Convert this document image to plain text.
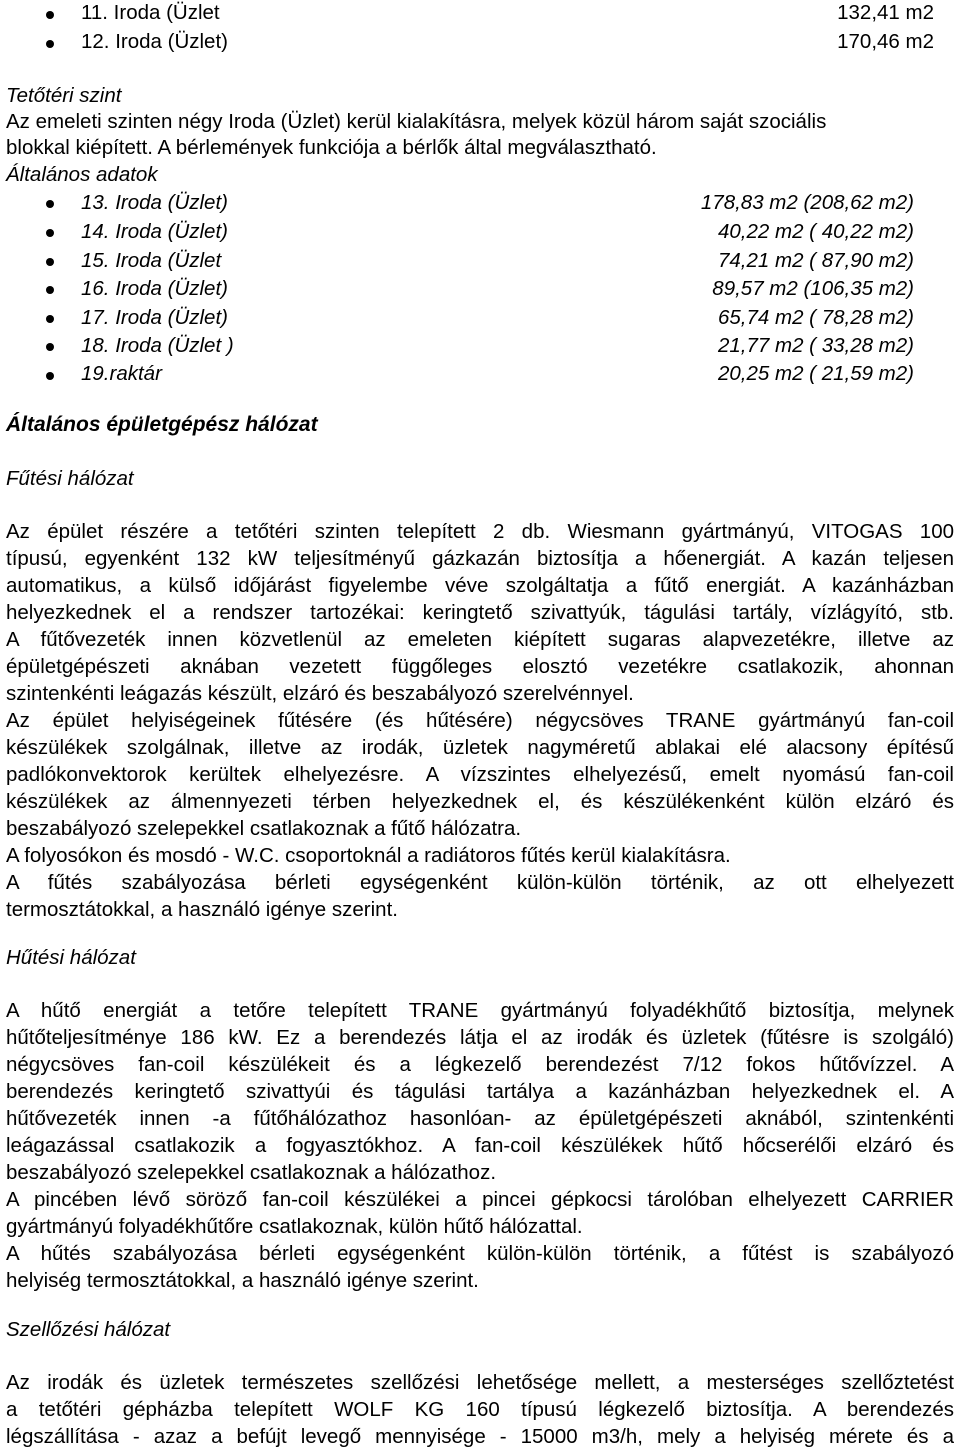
11. Iroda (Üzlet	132,41 m2
12. Iroda (Üzlet)	170,46 m2
Tetőtéri szint
Az emeleti szinten négy Iroda (Üzlet) kerül kialakításra, melyek közül három saját szociális
blokkal kiépített. A bérlemények funkciója a bérlők által megválasztható.
Általános adatok
13. Iroda (Üzlet)	178,83 m2 (208,62 m2)
14. Iroda (Üzlet)	40,22 m2 ( 40,22 m2)
15. Iroda (Üzlet	74,21 m2 ( 87,90 m2)
16. Iroda (Üzlet)	89,57 m2 (106,35 m2)
17. Iroda (Üzlet)	65,74 m2 ( 78,28 m2)
18. Iroda (Üzlet )	21,77 m2 ( 33,28 m2)
19.raktár	20,25 m2 ( 21,59 m2)
Általános épületgépész hálózat
Fűtési hálózat
Az épület részére a tetőtéri szinten telepített 2 db. Wiesmann gyártmányú, VITOGAS 100
típusú, egyenként 132 kW teljesítményű gázkazán biztosítja a hőenergiát. A kazán teljesen
automatikus, a külső időjárást figyelembe véve szolgáltatja a fűtő energiát. A kazánházban
helyezkednek el a rendszer tartozékai: keringtető szivattyúk, tágulási tartály, vízlágyító, stb.
A fűtővezeték innen közvetlenül az emeleten kiépített sugaras alapvezetékre, illetve az
épületgépészeti aknában vezetett függőleges elosztó vezetékre csatlakozik, ahonnan
szintenkénti leágazás készült, elzáró és beszabályozó szerelvénnyel.
Az épület helyiségeinek fűtésére (és hűtésére) négycsöves TRANE gyártmányú fan-coil
készülékek szolgálnak, illetve az irodák, üzletek nagyméretű ablakai elé alacsony építésű
padlókonvektorok kerültek elhelyezésre. A vízszintes elhelyezésű, emelt nyomású fan-coil
készülékek az álmennyezeti térben helyezkednek el, és készülékenként külön elzáró és
beszabályozó szelepekkel csatlakoznak a fűtő hálózatra.
A folyosókon és mosdó - W.C. csoportoknál a radiátoros fűtés kerül kialakításra.
A fűtés szabályozása bérleti egységenként külön-külön történik, az ott elhelyezett
termosztátokkal, a használó igénye szerint.
Hűtési hálózat
A hűtő energiát a tetőre telepített TRANE gyártmányú folyadékhűtő biztosítja, melynek
hűtőteljesítménye 186 kW. Ez a berendezés látja el az irodák és üzletek (fűtésre is szolgáló)
négycsöves fan-coil készülékeit és a légkezelő berendezést 7/12 fokos hűtővízzel. A
berendezés keringtető szivattyúi és tágulási tartálya a kazánházban helyezkednek el. A
hűtővezeték innen -a fűtőhálózathoz hasonlóan- az épületgépészeti aknából, szintenkénti
leágazással csatlakozik a fogyasztókhoz. A fan-coil készülékek hűtő hőcserélői elzáró és
beszabályozó szelepekkel csatlakoznak a hálózathoz.
A pincében lévő söröző fan-coil készülékei a pincei gépkocsi tárolóban elhelyezett CARRIER
gyártmányú folyadékhűtőre csatlakoznak, külön hűtő hálózattal.
A hűtés szabályozása bérleti egységenként külön-külön történik, a fűtést is szabályozó
helyiség termosztátokkal, a használó igénye szerint.
Szellőzési hálózat
Az irodák és üzletek természetes szellőzési lehetősége mellett, a mesterséges szellőztetést
a tetőtéri gépházba telepített WOLF KG 160 típusú légkezelő biztosítja. A berendezés
légszállítása - azaz a befújt levegő mennyisége - 15000 m3/h, mely a helyiség mérete és a
